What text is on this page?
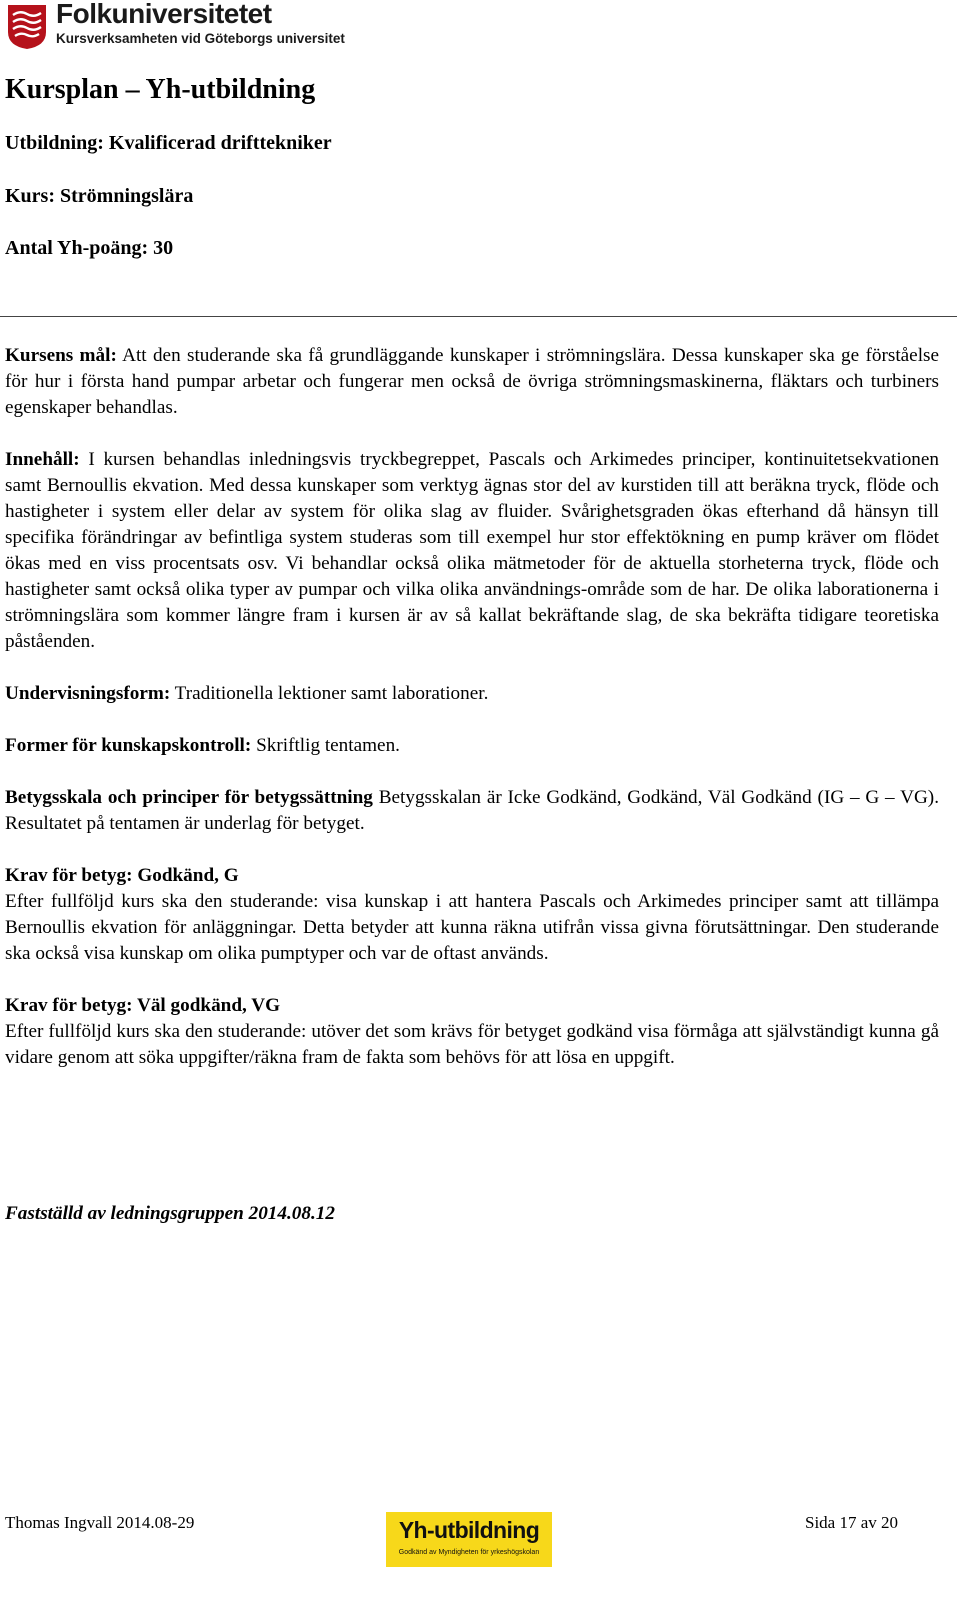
Folkuniversitetet
Kursverksamheten vid Göteborgs universitet
Kursplan – Yh-utbildning
Utbildning: Kvalificerad drifttekniker
Kurs: Strömningslära
Antal Yh-poäng: 30

Kursens mål: Att den studerande ska få grundläggande kunskaper i strömningslära. Dessa kunskaper ska ge förståelse för hur i första hand pumpar arbetar och fungerar men också de övriga strömningsmaskinerna, fläktars och turbiners egenskaper behandlas.

Innehåll: I kursen behandlas inledningsvis tryckbegreppet, Pascals och Arkimedes principer, kontinuitetsekvationen samt Bernoullis ekvation. Med dessa kunskaper som verktyg ägnas stor del av kurstiden till att beräkna tryck, flöde och hastigheter i system eller delar av system för olika slag av fluider. Svårighetsgraden ökas efterhand då hänsyn till specifika förändringar av befintliga system studeras som till exempel hur stor effektökning en pump kräver om flödet ökas med en viss procentsats osv. Vi behandlar också olika mätmetoder för de aktuella storheterna tryck, flöde och hastigheter samt också olika typer av pumpar och vilka olika användnings-område som de har. De olika laborationerna i strömningslära som kommer längre fram i kursen är av så kallat bekräftande slag, de ska bekräfta tidigare teoretiska påståenden.

Undervisningsform: Traditionella lektioner samt laborationer.

Former för kunskapskontroll: Skriftlig tentamen.

Betygsskala och principer för betygssättning Betygsskalan är Icke Godkänd, Godkänd, Väl Godkänd (IG – G – VG). Resultatet på tentamen är underlag för betyget.

Krav för betyg: Godkänd, G

Efter fullföljd kurs ska den studerande: visa kunskap i att hantera Pascals och Arkimedes principer samt att tillämpa Bernoullis ekvation för anläggningar. Detta betyder att kunna räkna utifrån vissa givna förutsättningar. Den studerande ska också visa kunskap om olika pumptyper och var de oftast används.

Krav för betyg: Väl godkänd, VG

Efter fullföljd kurs ska den studerande: utöver det som krävs för betyget godkänd visa förmåga att självständigt kunna gå vidare genom att söka uppgifter/räkna fram de fakta som behövs för att lösa en uppgift.

Fastställd av ledningsgruppen 2014.08.12
Thomas Ingvall 2014.08-29	Yh-utbildning
Godkänd av Myndigheten för yrkeshögskolan
Sida 17 av 20
